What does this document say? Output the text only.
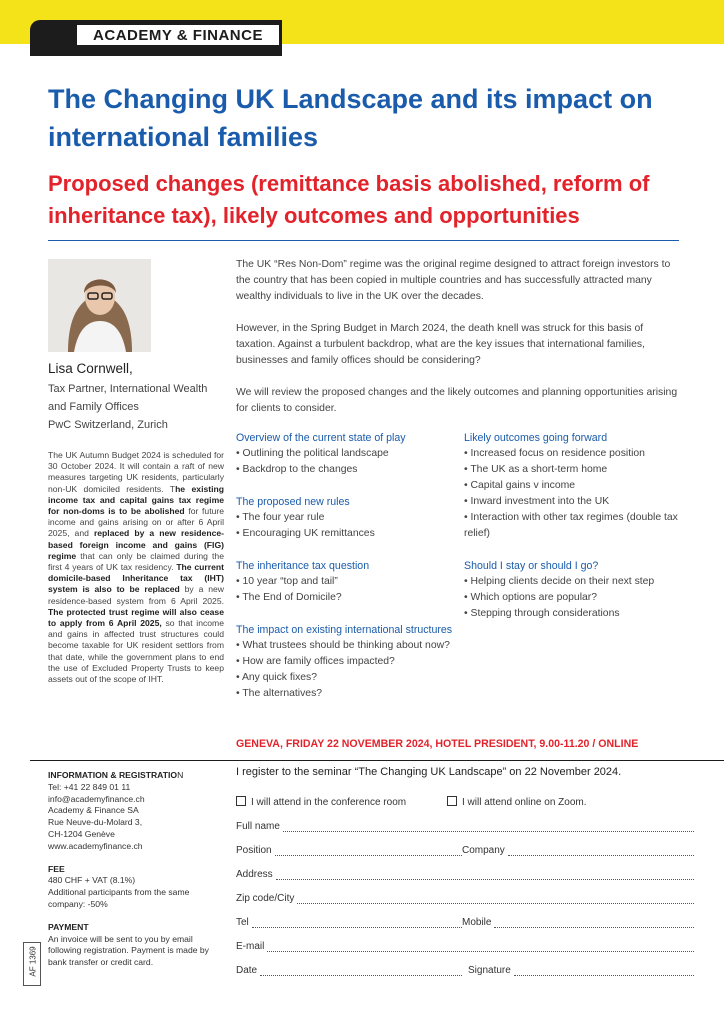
ACADEMY & FINANCE
The Changing UK Landscape and its impact on international families
Proposed changes (remittance basis abolished, reform of inheritance tax), likely outcomes and opportunities
Lisa Cornwell,
Tax Partner, International Wealth
and Family Offices
PwC Switzerland, Zurich
The UK Autumn Budget 2024 is scheduled for 30 October 2024. It will contain a raft of new measures targeting UK residents, particularly non-UK domiciled residents. The existing income tax and capital gains tax regime for non-doms is to be abolished for future income and gains arising on or after 6 April 2025, and replaced by a new residence-based foreign income and gains (FIG) regime that can only be claimed during the first 4 years of UK tax residency. The current domicile-based Inheritance tax (IHT) system is also to be replaced by a new residence-based system from 6 April 2025. The protected trust regime will also cease to apply from 6 April 2025, so that income and gains in affected trust structures could become taxable for UK resident settlors from that date, while the government plans to end the use of Excluded Property Trusts to keep assets out of the scope of IHT.

The UK “Res Non-Dom” regime was the original regime designed to attract foreign investors to the country that has been copied in multiple countries and has successfully attracted many wealthy individuals to live in the UK over the decades.

However, in the Spring Budget in March 2024, the death knell was struck for this basis of taxation. Against a turbulent backdrop, what are the key issues that international families, businesses and family offices should be considering?

We will review the proposed changes and the likely outcomes and planning opportunities arising for clients to consider.

Overview of the current state of play
• Outlining the political landscape
• Backdrop to the changes
The proposed new rules
• The four year rule
• Encouraging UK remittances
The inheritance tax question
• 10 year “top and tail”
• The End of Domicile?
The impact on existing international structures
• What trustees should be thinking about now?
• How are family offices impacted?
• Any quick fixes?
• The alternatives?
Likely outcomes going forward
• Increased focus on residence position
• The UK as a short-term home
• Capital gains v income
• Inward investment into the UK
• Interaction with other tax regimes (double tax relief)
Should I stay or should I go?
• Helping clients decide on their next step
• Which options are popular?
• Stepping through considerations
GENEVA, FRIDAY 22 NOVEMBER 2024, HOTEL PRESIDENT, 9.00-11.20 / ONLINE
INFORMATION & REGISTRATION
Tel: +41 22 849 01 11
info@academyfinance.ch
Academy & Finance SA
Rue Neuve-du-Molard 3,
CH-1204 Genève
www.academyfinance.ch
FEE
480 CHF + VAT (8.1%)
Additional participants from the same company: -50%
PAYMENT
An invoice will be sent to you by email following registration. Payment is made by bank transfer or credit card.
AF 1369
I register to the seminar “The Changing UK Landscape” on 22 November 2024.
I will attend in the conference room	I will attend online on Zoom.
Full name
Position	Company
Address
Zip code/City
Tel	Mobile
E-mail
Date	Signature
